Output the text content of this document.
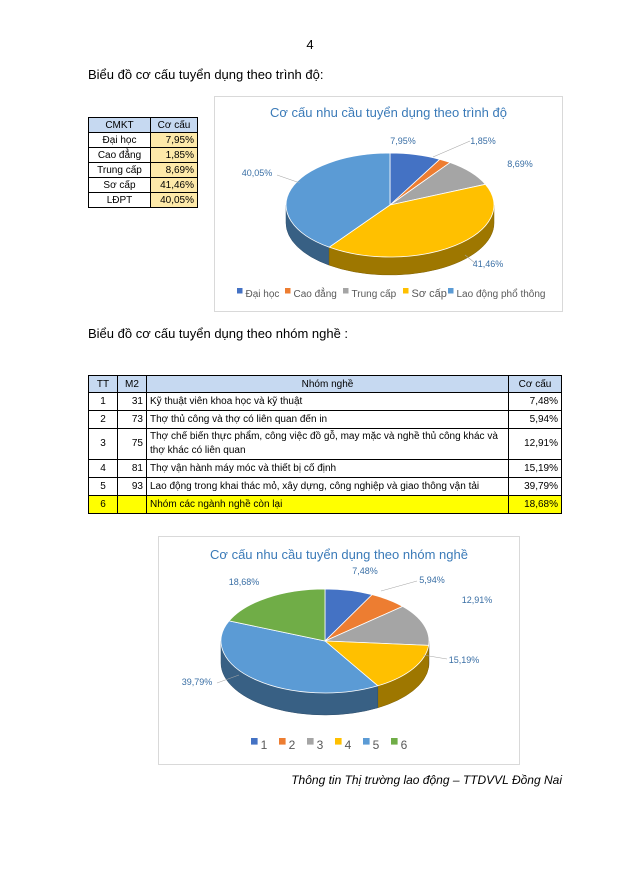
4
Biểu đồ cơ cấu tuyển dụng theo trình độ:
CMKT	Cơ cấu
Đại học	7,95%
Cao đẳng	1,85%
Trung cấp	8,69%
Sơ cấp	41,46%
LĐPT	40,05%
Cơ cấu nhu cầu tuyển dụng theo trình độ
7,95%	1,85%
8,69%
41,46%
40,05%
Đại học Cao đẳng Trung cấp Sơ cấp Lao động phổ thông
Biểu đồ cơ cấu tuyển dụng theo nhóm nghề :
TT	M2	Nhóm nghề	Cơ cấu
1	31	Kỹ thuật viên khoa học và kỹ thuật	7,48%
2	73	Thợ thủ công và thợ có liên quan đến in	5,94%
3	75	Thợ chế biến thực phẩm, công việc đồ gỗ, may mặc và nghề thủ công khác và thợ khác có liên quan	12,91%
4	81	Thợ vận hành máy móc và thiết bị cố định	15,19%
5	93	Lao động trong khai thác mỏ, xây dựng, công nghiệp và giao thông vận tải	39,79%
6		Nhóm các ngành nghề còn lại	18,68%
Cơ cấu nhu cầu tuyển dụng theo nhóm nghề
7,48%
5,94%
12,91%
15,19%
39,79%
18,68%
1 2 3 4 5 6
Thông tin Thị trường lao động – TTDVVL Đồng Nai
